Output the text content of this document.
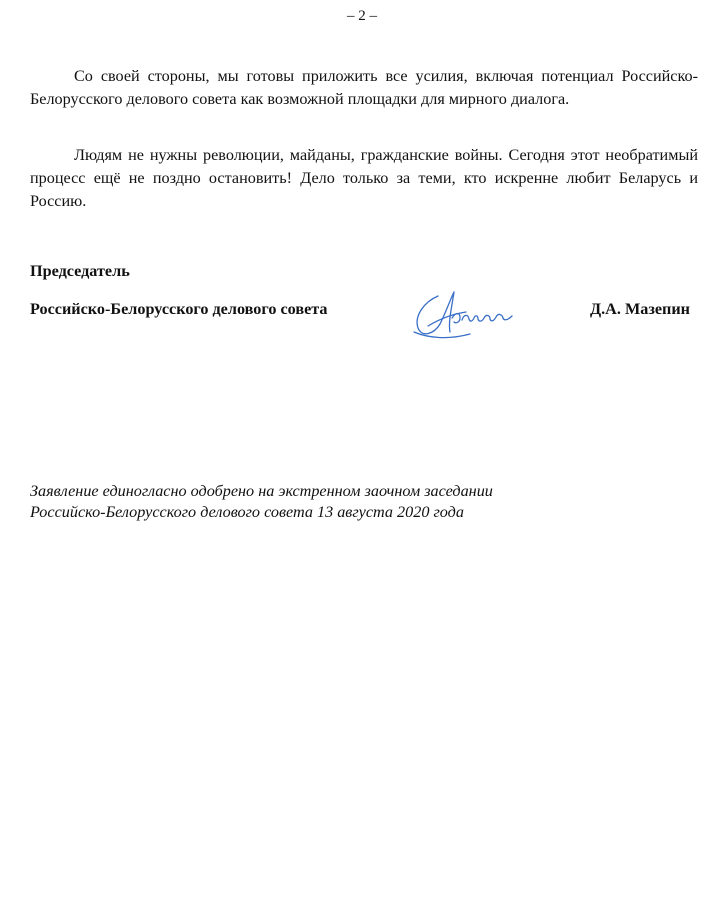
– 2 –

Со своей стороны, мы готовы приложить все усилия, включая потенциал Российско-Белорусского делового совета как возможной площадки для мирного диалога.

Людям не нужны революции, майданы, гражданские войны. Сегодня этот необратимый процесс ещё не поздно остановить! Дело только за теми, кто искренне любит Беларусь и Россию.

Председатель
Российско-Белорусского делового совета	Д.А. Мазепин

Заявление единогласно одобрено на экстренном заочном заседании
Российско-Белорусского делового совета 13 августа 2020 года
